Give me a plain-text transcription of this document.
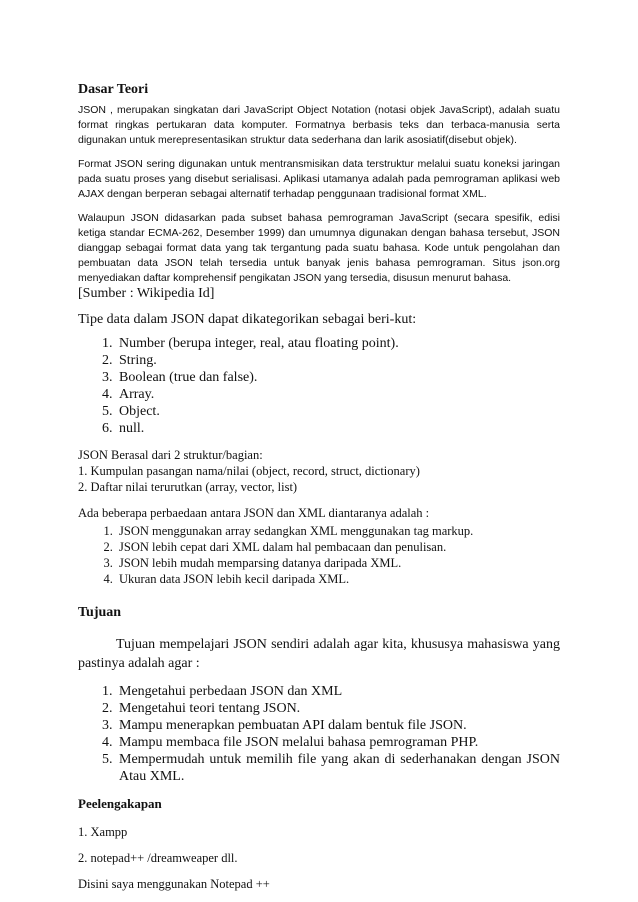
Dasar Teori

JSON , merupakan singkatan dari JavaScript Object Notation (notasi objek JavaScript), adalah suatu format ringkas pertukaran data komputer. Formatnya berbasis teks dan terbaca-manusia serta digunakan untuk merepresentasikan struktur data sederhana dan larik asosiatif(disebut objek).

Format JSON sering digunakan untuk mentransmisikan data terstruktur melalui suatu koneksi jaringan pada suatu proses yang disebut serialisasi. Aplikasi utamanya adalah pada pemrograman aplikasi web AJAX dengan berperan sebagai alternatif terhadap penggunaan tradisional format XML.

Walaupun JSON didasarkan pada subset bahasa pemrograman JavaScript (secara spesifik, edisi ketiga standar ECMA-262, Desember 1999) dan umumnya digunakan dengan bahasa tersebut, JSON dianggap sebagai format data yang tak tergantung pada suatu bahasa. Kode untuk pengolahan dan pembuatan data JSON telah tersedia untuk banyak jenis bahasa pemrograman. Situs json.org menyediakan daftar komprehensif pengikatan JSON yang tersedia, disusun menurut bahasa.

[Sumber : Wikipedia Id]

Tipe data dalam JSON dapat dikategorikan sebagai beri-kut:

1. Number (berupa integer, real, atau floating point).
2. String.
3. Boolean (true dan false).
4. Array.
5. Object.
6. null.
JSON Berasal dari 2 struktur/bagian:
1. Kumpulan pasangan nama/nilai (object, record, struct, dictionary)
2. Daftar nilai terurutkan (array, vector, list)

Ada beberapa perbaedaan antara JSON dan XML diantaranya adalah :

1. JSON menggunakan array sedangkan XML menggunakan tag markup.
2. JSON lebih cepat dari XML dalam hal pembacaan dan penulisan.
3. JSON lebih mudah memparsing datanya daripada XML.
4. Ukuran data JSON lebih kecil daripada XML.
Tujuan

Tujuan mempelajari JSON sendiri adalah agar kita, khususya mahasiswa yang pastinya adalah agar :

1. Mengetahui perbedaan JSON dan XML
2. Mengetahui teori tentang JSON.
3. Mampu menerapkan pembuatan API dalam bentuk file JSON.
4. Mampu membaca file JSON melalui bahasa pemrograman PHP.
5. Mempermudah untuk memilih file yang akan di sederhanakan dengan JSON Atau XML.
Peelengakapan

1. Xampp

2. notepad++ /dreamweaper dll.

Disini saya menggunakan Notepad ++
